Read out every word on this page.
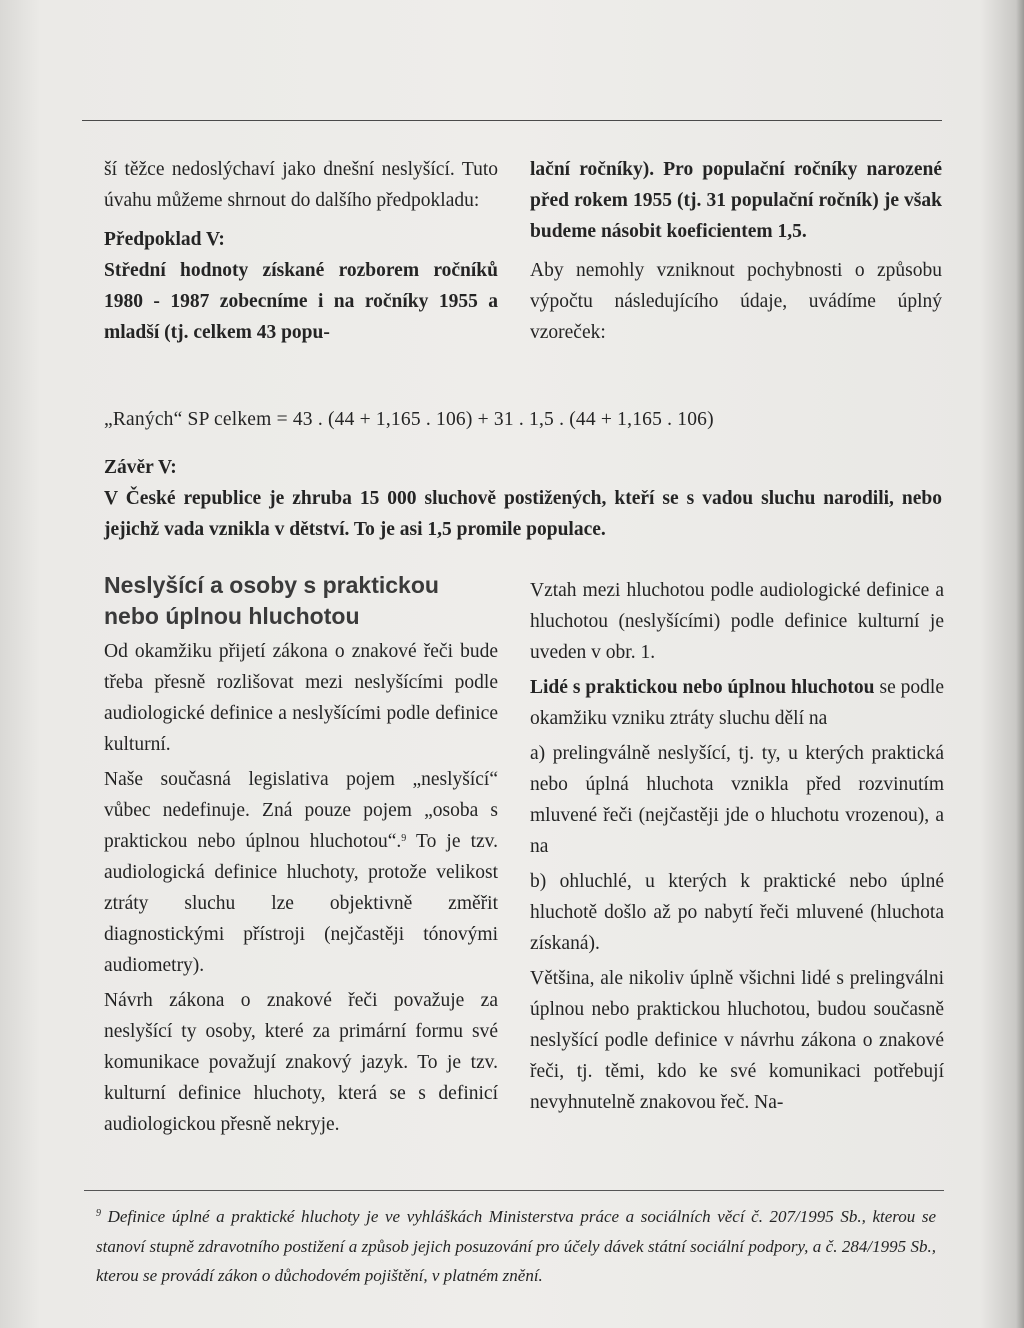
ší těžce nedoslýchaví jako dnešní neslyšící. Tuto úvahu můžeme shrnout do dalšího předpokladu:

Předpoklad V:

Střední hodnoty získané rozborem ročníků 1980 - 1987 zobecníme i na ročníky 1955 a mladší (tj. celkem 43 popu-

lační ročníky). Pro populační ročníky narozené před rokem 1955 (tj. 31 populační ročník) je však budeme násobit koeficientem 1,5.

Aby nemohly vzniknout pochybnosti o způsobu výpočtu následujícího údaje, uvádíme úplný vzoreček:

„Raných“ SP celkem = 43 . (44 + 1,165 . 106) + 31 . 1,5 . (44 + 1,165 . 106)
Závěr V:
V České republice je zhruba 15 000 sluchově postižených, kteří se s vadou sluchu narodili, nebo jejichž vada vznikla v dětství. To je asi 1,5 promile populace.
Neslyšící a osoby s praktickou nebo úplnou hluchotou

Od okamžiku přijetí zákona o znakové řeči bude třeba přesně rozlišovat mezi neslyšícími podle audiologické definice a neslyšícími podle definice kulturní.

Naše současná legislativa pojem „neslyšící“ vůbec nedefinuje. Zná pouze pojem „osoba s praktickou nebo úplnou hluchotou“.$^9$ To je tzv. audiologická definice hluchoty, protože velikost ztráty sluchu lze objektivně změřit diagnostickými přístroji (nejčastěji tónovými audiometry).

Návrh zákona o znakové řeči považuje za neslyšící ty osoby, které za primární formu své komunikace považují znakový jazyk. To je tzv. kulturní definice hluchoty, která se s definicí audiologickou přesně nekryje.

Vztah mezi hluchotou podle audiologické definice a hluchotou (neslyšícími) podle definice kulturní je uveden v obr. 1.

Lidé s praktickou nebo úplnou hluchotou se podle okamžiku vzniku ztráty sluchu dělí na

a) prelingválně neslyšící, tj. ty, u kterých praktická nebo úplná hluchota vznikla před rozvinutím mluvené řeči (nejčastěji jde o hluchotu vrozenou), a na

b) ohluchlé, u kterých k praktické nebo úplné hluchotě došlo až po nabytí řeči mluvené (hluchota získaná).

Většina, ale nikoliv úplně všichni lidé s prelingválni úplnou nebo praktickou hluchotou, budou současně neslyšící podle definice v návrhu zákona o znakové řeči, tj. těmi, kdo ke své komunikaci potřebují nevyhnutelně znakovou řeč. Na-

$^9$ Definice úplné a praktické hluchoty je ve vyhláškách Ministerstva práce a sociálních věcí č. 207/1995 Sb., kterou se stanoví stupně zdravotního postižení a způsob jejich posuzování pro účely dávek státní sociální podpory, a č. 284/1995 Sb., kterou se provádí zákon o důchodovém pojištění, v platném znění.
